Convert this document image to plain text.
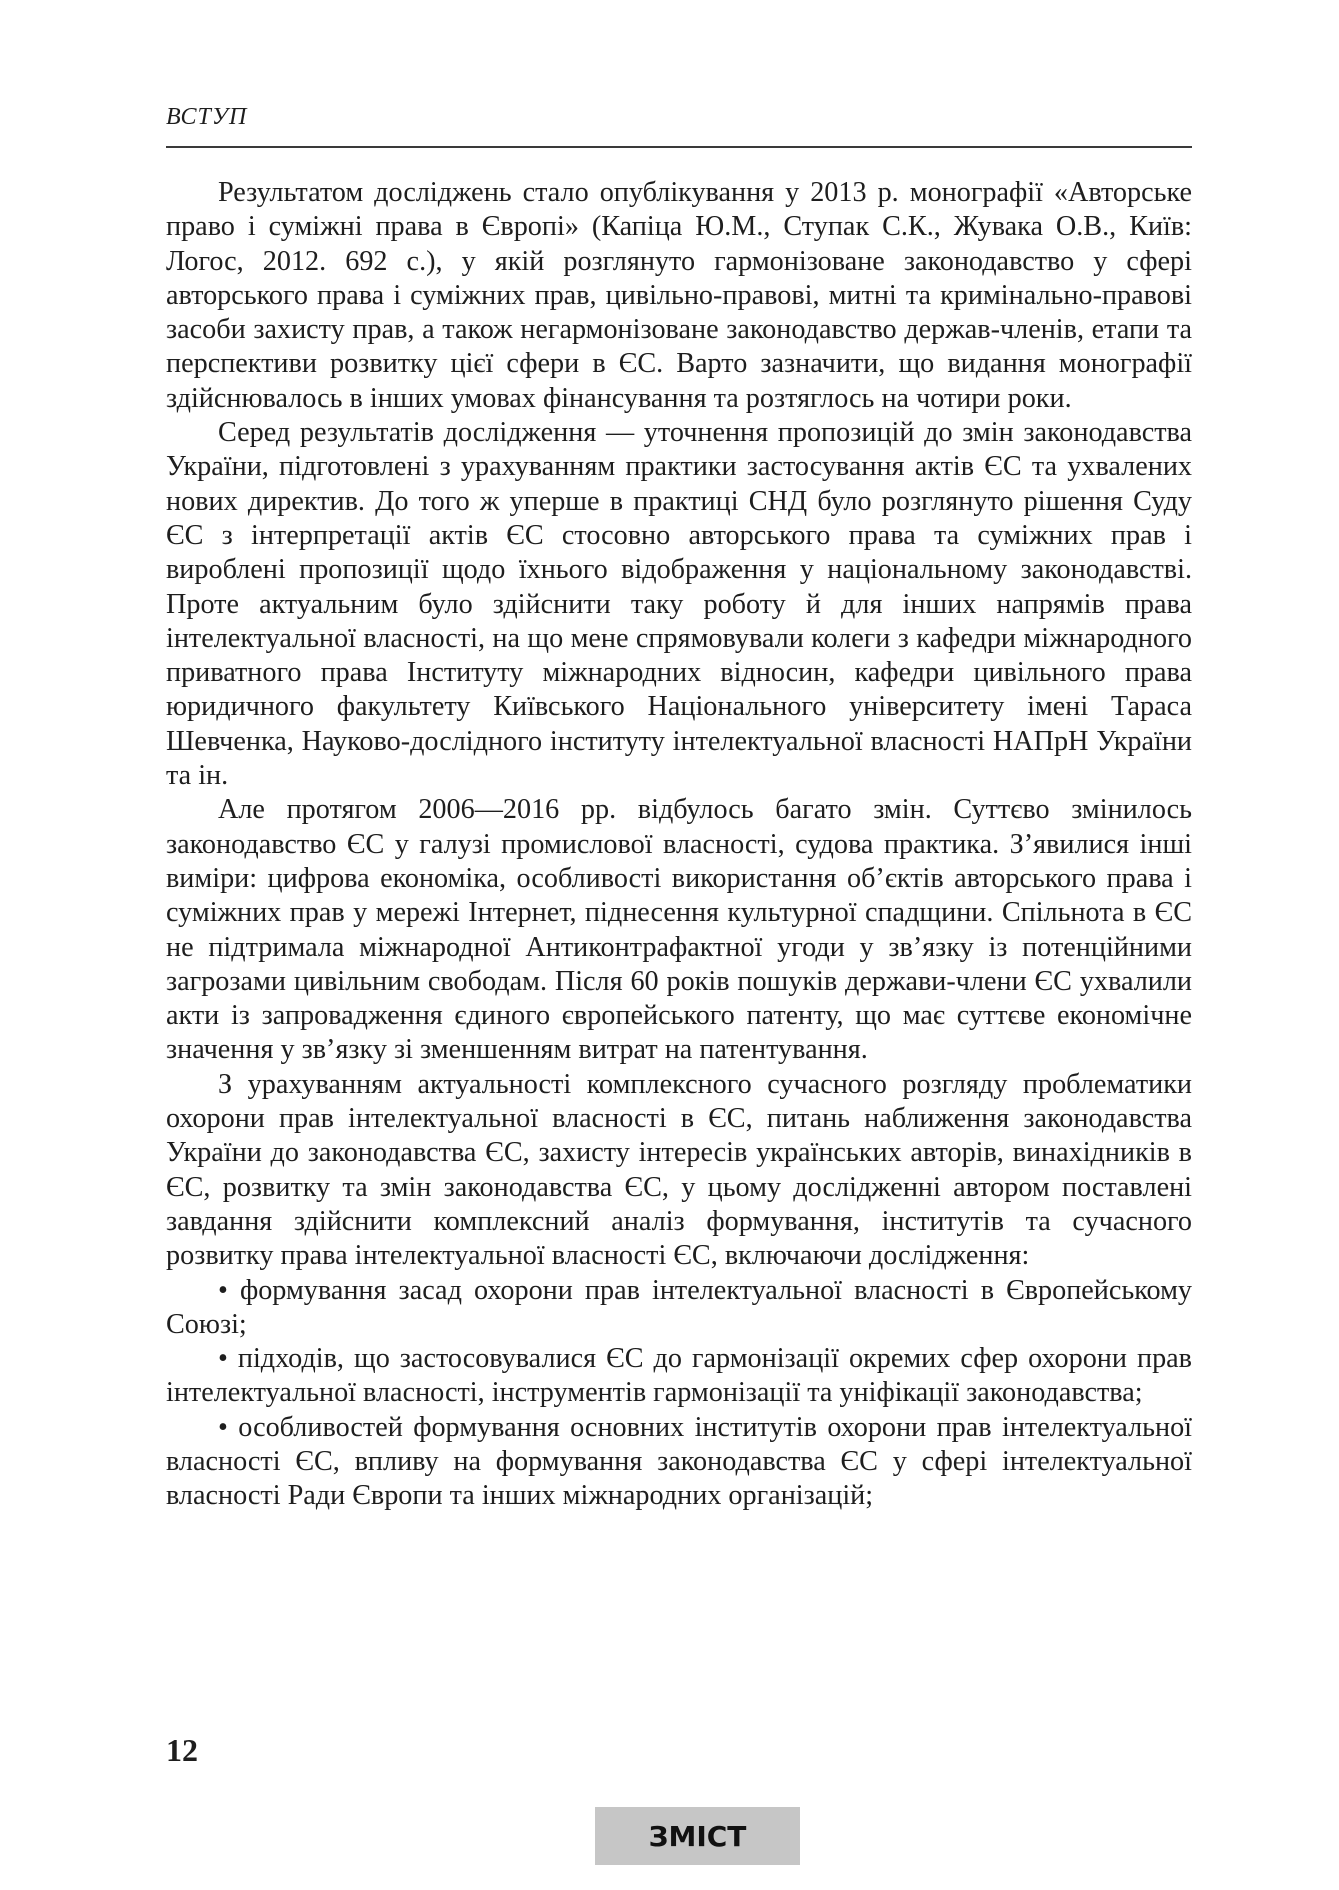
ВСТУП

Результатом досліджень стало опублікування у 2013 р. монографії «Авторське право і суміжні права в Європі» (Капіца Ю.М., Ступак С.К., Жувака О.В., Київ: Логос, 2012. 692 с.), у якій розглянуто гармонізоване законодавство у сфері авторського права і суміжних прав, цивільно-правові, митні та кримінально-правові засоби захисту прав, а також негармонізоване законодавство держав-членів, етапи та перспективи розвитку цієї сфери в ЄС. Варто зазначити, що видання монографії здійснювалось в інших умовах фінансування та розтяглось на чотири роки.

Серед результатів дослідження — уточнення пропозицій до змін законодавства України, підготовлені з урахуванням практики застосування актів ЄС та ухвалених нових директив. До того ж уперше в практиці СНД було розглянуто рішення Суду ЄС з інтерпретації актів ЄС стосовно авторського права та суміжних прав і вироблені пропозиції щодо їхнього відображення у національному законодавстві. Проте актуальним було здійснити таку роботу й для інших напрямів права інтелектуальної власності, на що мене спрямовували колеги з кафедри міжнародного приватного права Інституту міжнародних відносин, кафедри цивільного права юридичного факультету Київського Національного університету імені Тараса Шевченка, Науково-дослідного інституту інтелектуальної власності НАПрН України та ін.

Але протягом 2006—2016 рр. відбулось багато змін. Суттєво змінилось законодавство ЄС у галузі промислової власності, судова практика. З’явилися інші виміри: цифрова економіка, особливості використання об’єктів авторського права і суміжних прав у мережі Інтернет, піднесення культурної спадщини. Спільнота в ЄС не підтримала міжнародної Антиконтрафактної угоди у зв’язку із потенційними загрозами цивільним свободам. Після 60 років пошуків держави-члени ЄС ухвалили акти із запровадження єдиного європейського патенту, що має суттєве економічне значення у зв’язку зі зменшенням витрат на патентування.

З урахуванням актуальності комплексного сучасного розгляду проблематики охорони прав інтелектуальної власності в ЄС, питань наближення законодавства України до законодавства ЄС, захисту інтересів українських авторів, винахідників в ЄС, розвитку та змін законодавства ЄС, у цьому дослідженні автором поставлені завдання здійснити комплексний аналіз формування, інститутів та сучасного розвитку права інтелектуальної власності ЄС, включаючи дослідження:

• формування засад охорони прав інтелектуальної власності в Європейському Союзі;

• підходів, що застосовувалися ЄС до гармонізації окремих сфер охорони прав інтелектуальної власності, інструментів гармонізації та уніфікації законодавства;

• особливостей формування основних інститутів охорони прав інтелектуальної власності ЄС, впливу на формування законодавства ЄС у сфері інтелектуальної власності Ради Європи та інших міжнародних організацій;

12
ЗМІСТ
